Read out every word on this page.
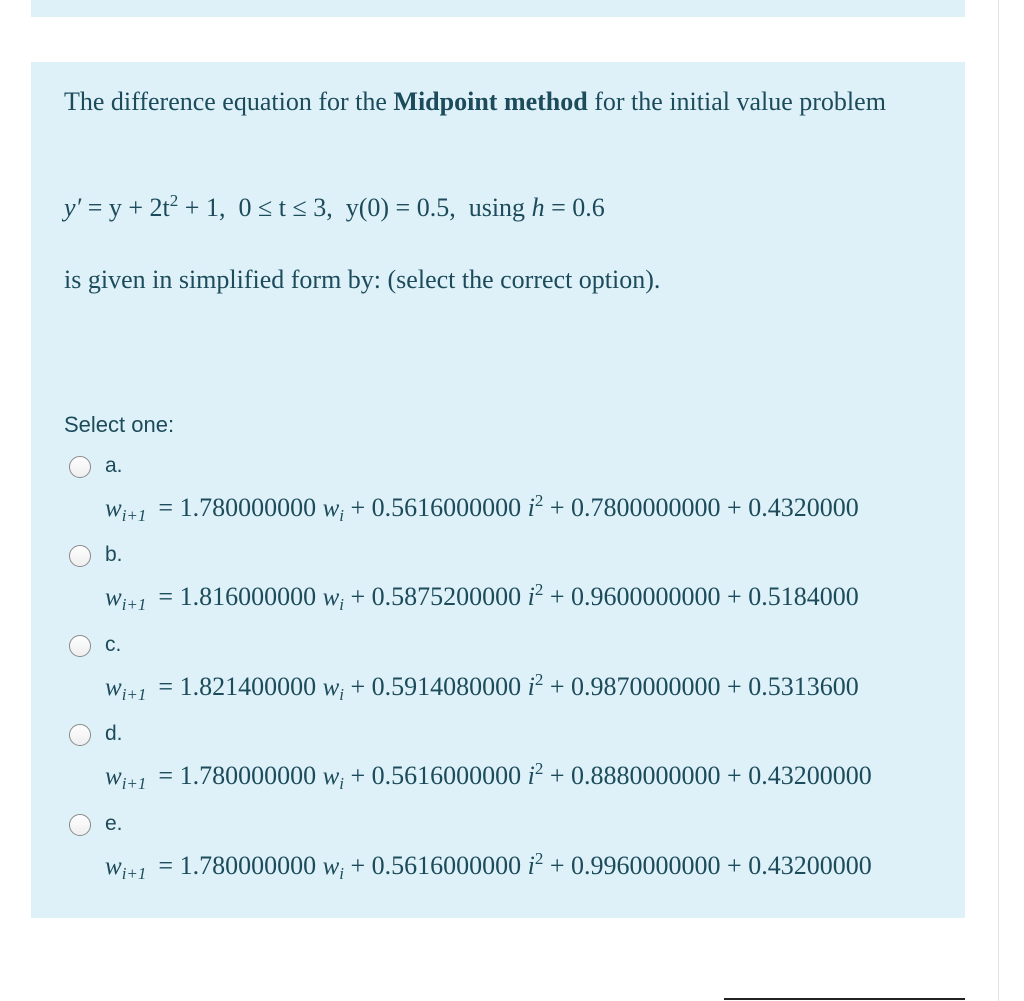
The difference equation for the Midpoint method for the initial value problem

$y' = y + 2t^2 + 1$, 0 ≤ t ≤ 3, y(0) = 0.5, using h = 0.6

is given in simplified form by: (select the correct option).

Select one:

a.
$w_{i+1} = 1.780000000$ $w_i + 0.5616000000$ $i^2 + 0.7800000000 + 0.4320000$
b.
$w_{i+1} = 1.816000000$ $w_i + 0.5875200000$ $i^2 + 0.9600000000 + 0.5184000$
c.
$w_{i+1} = 1.821400000$ $w_i + 0.5914080000$ $i^2 + 0.9870000000 + 0.5313600$
d.
$w_{i+1} = 1.780000000$ $w_i + 0.5616000000$ $i^2 + 0.8880000000 + 0.43200000$
e.
$w_{i+1} = 1.780000000$ $w_i + 0.5616000000$ $i^2 + 0.9960000000 + 0.43200000$
